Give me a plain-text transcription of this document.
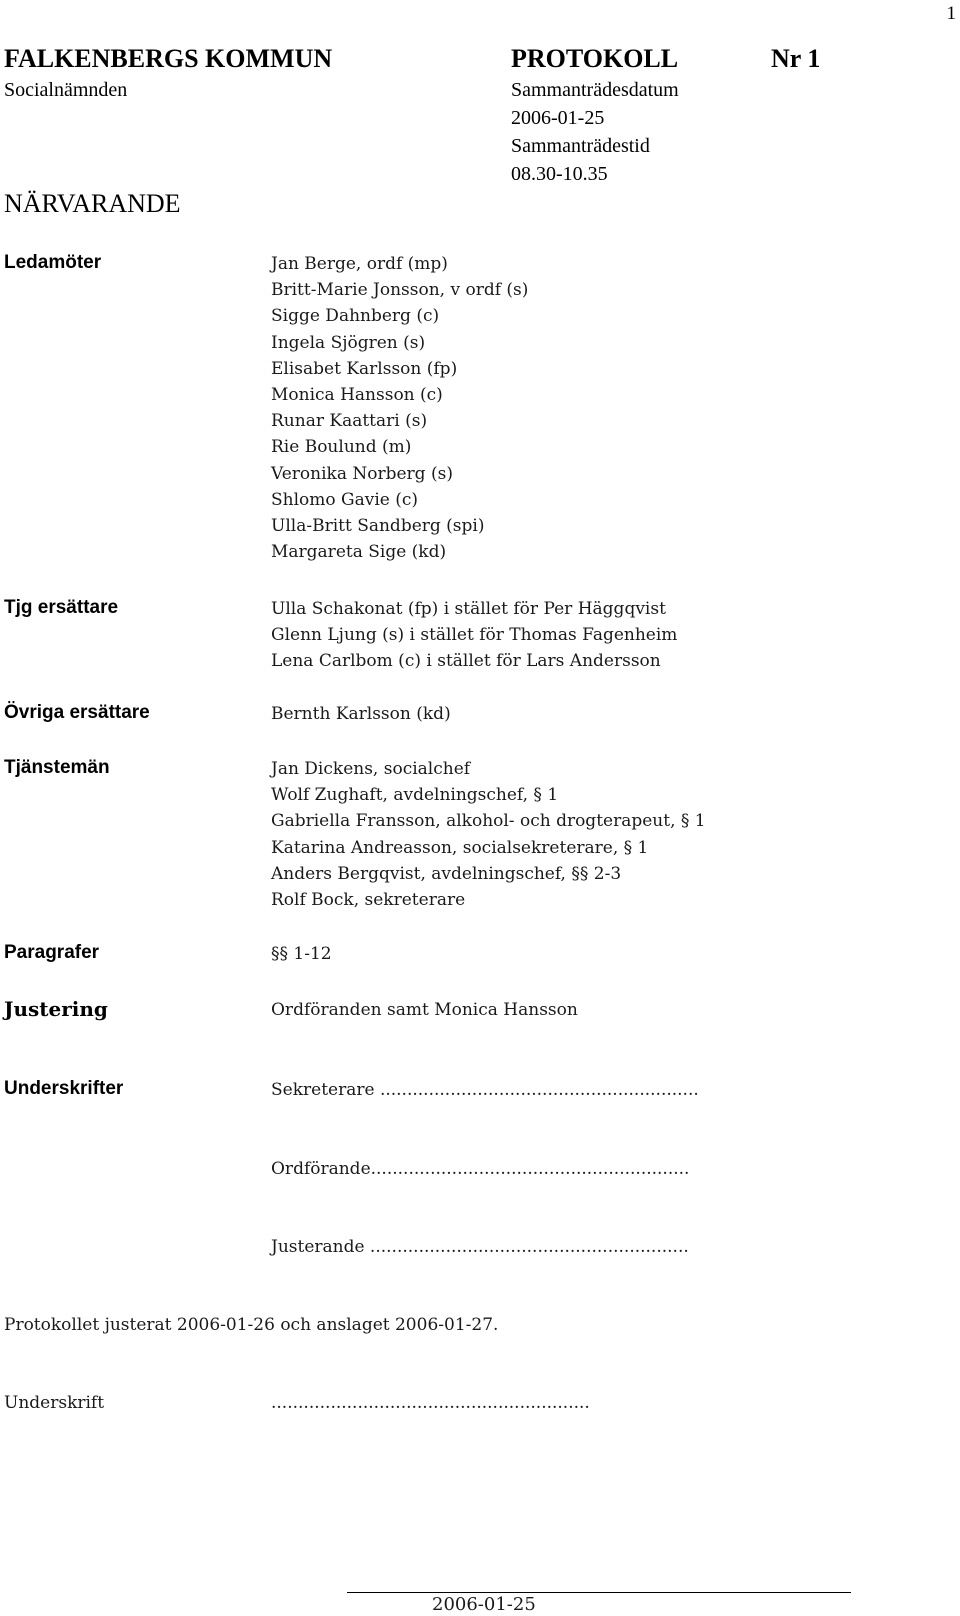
1
FALKENBERGS KOMMUN	PROTOKOLL	Nr 1
Socialnämnden	Sammanträdesdatum
2006-01-25
Sammanträdestid
08.30-10.35
NÄRVARANDE
Ledamöter	Jan Berge, ordf (mp)
Britt-Marie Jonsson, v ordf (s)
Sigge Dahnberg (c)
Ingela Sjögren (s)
Elisabet Karlsson (fp)
Monica Hansson (c)
Runar Kaattari (s)
Rie Boulund (m)
Veronika Norberg (s)
Shlomo Gavie (c)
Ulla-Britt Sandberg (spi)
Margareta Sige (kd)
Tjg ersättare	Ulla Schakonat (fp) i stället för Per Häggqvist
Glenn Ljung (s) i stället för Thomas Fagenheim
Lena Carlbom (c) i stället för Lars Andersson
Övriga ersättare	Bernth Karlsson (kd)
Tjänstemän	Jan Dickens, socialchef
Wolf Zughaft, avdelningschef, § 1
Gabriella Fransson, alkohol- och drogterapeut, § 1
Katarina Andreasson, socialsekreterare, § 1
Anders Bergqvist, avdelningschef, §§ 2-3
Rolf Bock, sekreterare
Paragrafer	§§ 1-12
Justering	Ordföranden samt Monica Hansson
Underskrifter	Sekreterare ...........................................................
Ordförande...........................................................
Justerande ...........................................................
Protokollet justerat 2006-01-26 och anslaget 2006-01-27.
Underskrift	...........................................................
2006-01-25
